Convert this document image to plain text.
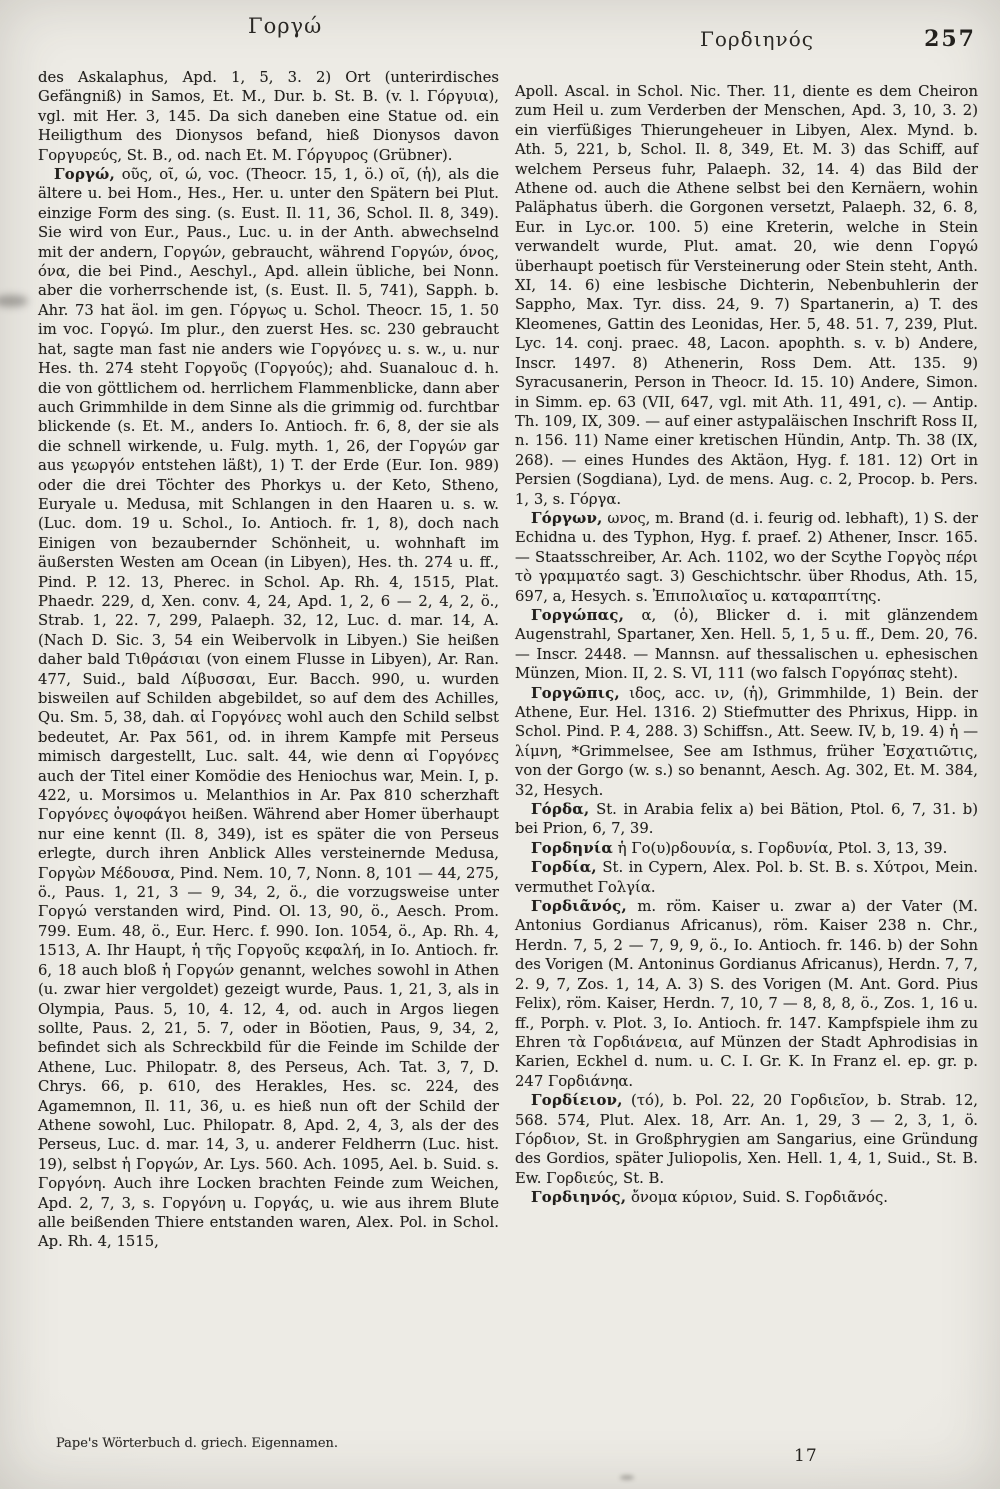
Γοργώ
Γορδιηνός	257

des Askalaphus, Apd. 1, 5, 3. 2) Ort (unterirdisches Gefängniß) in Samos, Et. M., Dur. b. St. B. (v. l. Γόργυια), vgl. mit Her. 3, 145. Da sich daneben eine Statue od. ein Heiligthum des Dionysos befand, hieß Dionysos davon Γοργυρεύς, St. B., od. nach Et. M. Γόργυρος (Grübner).

Γοργώ, οῦς, οῖ, ώ, voc. (Theocr. 15, 1, ö.) οῖ, (ἡ), als die ältere u. bei Hom., Hes., Her. u. unter den Spätern bei Plut. einzige Form des sing. (s. Eust. Il. 11, 36, Schol. Il. 8, 349). Sie wird von Eur., Paus., Luc. u. in der Anth. abwechselnd mit der andern, Γοργών, gebraucht, während Γοργών, όνος, όνα, die bei Pind., Aeschyl., Apd. allein übliche, bei Nonn. aber die vorherrschende ist, (s. Eust. Il. 5, 741), Sapph. b. Ahr. 73 hat äol. im gen. Γόργως u. Schol. Theocr. 15, 1. 50 im voc. Γοργώ. Im plur., den zuerst Hes. sc. 230 gebraucht hat, sagte man fast nie anders wie Γοργόνες u. s. w., u. nur Hes. th. 274 steht Γοργοῦς (Γοργούς); ahd. Suanalouc d. h. die von göttlichem od. herrlichem Flammenblicke, dann aber auch Grimmhilde in dem Sinne als die grimmig od. furchtbar blickende (s. Et. M., anders Io. Antioch. fr. 6, 8, der sie als die schnell wirkende, u. Fulg. myth. 1, 26, der Γοργών gar aus γεωργόν entstehen läßt), 1) T. der Erde (Eur. Ion. 989) oder die drei Töchter des Phorkys u. der Keto, Stheno, Euryale u. Medusa, mit Schlangen in den Haaren u. s. w. (Luc. dom. 19 u. Schol., Io. Antioch. fr. 1, 8), doch nach Einigen von bezaubernder Schönheit, u. wohnhaft im äußersten Westen am Ocean (in Libyen), Hes. th. 274 u. ff., Pind. P. 12. 13, Pherec. in Schol. Ap. Rh. 4, 1515, Plat. Phaedr. 229, d, Xen. conv. 4, 24, Apd. 1, 2, 6 — 2, 4, 2, ö., Strab. 1, 22. 7, 299, Palaeph. 32, 12, Luc. d. mar. 14, A. (Nach D. Sic. 3, 54 ein Weibervolk in Libyen.) Sie heißen daher bald Τιθράσιαι (von einem Flusse in Libyen), Ar. Ran. 477, Suid., bald Λίβυσσαι, Eur. Bacch. 990, u. wurden bisweilen auf Schilden abgebildet, so auf dem des Achilles, Qu. Sm. 5, 38, dah. αἱ Γοργόνες wohl auch den Schild selbst bedeutet, Ar. Pax 561, od. in ihrem Kampfe mit Perseus mimisch dargestellt, Luc. salt. 44, wie denn αἱ Γοργόνες auch der Titel einer Komödie des Heniochus war, Mein. I, p. 422, u. Morsimos u. Melanthios in Ar. Pax 810 scherzhaft Γοργόνες ὀψοφάγοι heißen. Während aber Homer überhaupt nur eine kennt (Il. 8, 349), ist es später die von Perseus erlegte, durch ihren Anblick Alles versteinernde Medusa, Γοργὼν Μέδουσα, Pind. Nem. 10, 7, Nonn. 8, 101 — 44, 275, ö., Paus. 1, 21, 3 — 9, 34, 2, ö., die vorzugsweise unter Γοργώ verstanden wird, Pind. Ol. 13, 90, ö., Aesch. Prom. 799. Eum. 48, ö., Eur. Herc. f. 990. Ion. 1054, ö., Ap. Rh. 4, 1513, A. Ihr Haupt, ἡ τῆς Γοργοῦς κεφαλή, in Io. Antioch. fr. 6, 18 auch bloß ἡ Γοργών genannt, welches sowohl in Athen (u. zwar hier vergoldet) gezeigt wurde, Paus. 1, 21, 3, als in Olympia, Paus. 5, 10, 4. 12, 4, od. auch in Argos liegen sollte, Paus. 2, 21, 5. 7, oder in Böotien, Paus, 9, 34, 2, befindet sich als Schreckbild für die Feinde im Schilde der Athene, Luc. Philopatr. 8, des Perseus, Ach. Tat. 3, 7, D. Chrys. 66, p. 610, des Herakles, Hes. sc. 224, des Agamemnon, Il. 11, 36, u. es hieß nun oft der Schild der Athene sowohl, Luc. Philopatr. 8, Apd. 2, 4, 3, als der des Perseus, Luc. d. mar. 14, 3, u. anderer Feldherrn (Luc. hist. 19), selbst ἡ Γοργών, Ar. Lys. 560. Ach. 1095, Ael. b. Suid. s. Γοργόνη. Auch ihre Locken brachten Feinde zum Weichen, Apd. 2, 7, 3, s. Γοργόνη u. Γοργάς, u. wie aus ihrem Blute alle beißenden Thiere entstanden waren, Alex. Pol. in Schol. Ap. Rh. 4, 1515,

Apoll. Ascal. in Schol. Nic. Ther. 11, diente es dem Cheiron zum Heil u. zum Verderben der Menschen, Apd. 3, 10, 3. 2) ein vierfüßiges Thierungeheuer in Libyen, Alex. Mynd. b. Ath. 5, 221, b, Schol. Il. 8, 349, Et. M. 3) das Schiff, auf welchem Perseus fuhr, Palaeph. 32, 14. 4) das Bild der Athene od. auch die Athene selbst bei den Kernäern, wohin Paläphatus überh. die Gorgonen versetzt, Palaeph. 32, 6. 8, Eur. in Lyc.or. 100. 5) eine Kreterin, welche in Stein verwandelt wurde, Plut. amat. 20, wie denn Γοργώ überhaupt poetisch für Versteinerung oder Stein steht, Anth. XI, 14. 6) eine lesbische Dichterin, Nebenbuhlerin der Sappho, Max. Tyr. diss. 24, 9. 7) Spartanerin, a) T. des Kleomenes, Gattin des Leonidas, Her. 5, 48. 51. 7, 239, Plut. Lyc. 14. conj. praec. 48, Lacon. apophth. s. v. b) Andere, Inscr. 1497. 8) Athenerin, Ross Dem. Att. 135. 9) Syracusanerin, Person in Theocr. Id. 15. 10) Andere, Simon. in Simm. ep. 63 (VII, 647, vgl. mit Ath. 11, 491, c). — Antip. Th. 109, IX, 309. — auf einer astypaläischen Inschrift Ross II, n. 156. 11) Name einer kretischen Hündin, Antp. Th. 38 (IX, 268). — eines Hundes des Aktäon, Hyg. f. 181. 12) Ort in Persien (Sogdiana), Lyd. de mens. Aug. c. 2, Procop. b. Pers. 1, 3, s. Γόργα.

Γόργων, ωνος, m. Brand (d. i. feurig od. lebhaft), 1) S. der Echidna u. des Typhon, Hyg. f. praef. 2) Athener, Inscr. 165. — Staatsschreiber, Ar. Ach. 1102, wo der Scythe Γοργὸς πέρι τὸ γραμματέο sagt. 3) Geschichtschr. über Rhodus, Ath. 15, 697, a, Hesych. s. Ἐπιπολιαῖος u. καταραπτίτης.

Γοργώπας, α, (ὁ), Blicker d. i. mit glänzendem Augenstrahl, Spartaner, Xen. Hell. 5, 1, 5 u. ff., Dem. 20, 76. — Inscr. 2448. — Mannsn. auf thessalischen u. ephesischen Münzen, Mion. II, 2. S. VI, 111 (wo falsch Γοργόπας steht).

Γοργῶπις, ιδος, acc. ιν, (ἡ), Grimmhilde, 1) Bein. der Athene, Eur. Hel. 1316. 2) Stiefmutter des Phrixus, Hipp. in Schol. Pind. P. 4, 288. 3) Schiffsn., Att. Seew. IV, b, 19. 4) ἡ — λίμνη, *Grimmelsee, See am Isthmus, früher Ἐσχατιῶτις, von der Gorgo (w. s.) so benannt, Aesch. Ag. 302, Et. M. 384, 32, Hesych.

Γόρδα, St. in Arabia felix a) bei Bätion, Ptol. 6, 7, 31. b) bei Prion, 6, 7, 39.

Γορδηνία ἡ Γο(υ)ρδουνία, s. Γορδυνία, Ptol. 3, 13, 39.

Γορδία, St. in Cypern, Alex. Pol. b. St. B. s. Χύτροι, Mein. vermuthet Γολγία.

Γορδιᾶνός, m. röm. Kaiser u. zwar a) der Vater (M. Antonius Gordianus Africanus), röm. Kaiser 238 n. Chr., Herdn. 7, 5, 2 — 7, 9, 9, ö., Io. Antioch. fr. 146. b) der Sohn des Vorigen (M. Antoninus Gordianus Africanus), Herdn. 7, 7, 2. 9, 7, Zos. 1, 14, A. 3) S. des Vorigen (M. Ant. Gord. Pius Felix), röm. Kaiser, Herdn. 7, 10, 7 — 8, 8, 8, ö., Zos. 1, 16 u. ff., Porph. v. Plot. 3, Io. Antioch. fr. 147. Kampfspiele ihm zu Ehren τὰ Γορδιάνεια, auf Münzen der Stadt Aphrodisias in Karien, Eckhel d. num. u. C. I. Gr. K. In Franz el. ep. gr. p. 247 Γορδιάνηα.

Γορδίειον, (τό), b. Pol. 22, 20 Γορδιεῖον, b. Strab. 12, 568. 574, Plut. Alex. 18, Arr. An. 1, 29, 3 — 2, 3, 1, ö. Γόρδιον, St. in Großphrygien am Sangarius, eine Gründung des Gordios, später Juliopolis, Xen. Hell. 1, 4, 1, Suid., St. B. Ew. Γορδιεύς, St. B.

Γορδιηνός, ὄνομα κύριον, Suid. S. Γορδιᾶνός.

Pape's Wörterbuch d. griech. Eigennamen.
17
